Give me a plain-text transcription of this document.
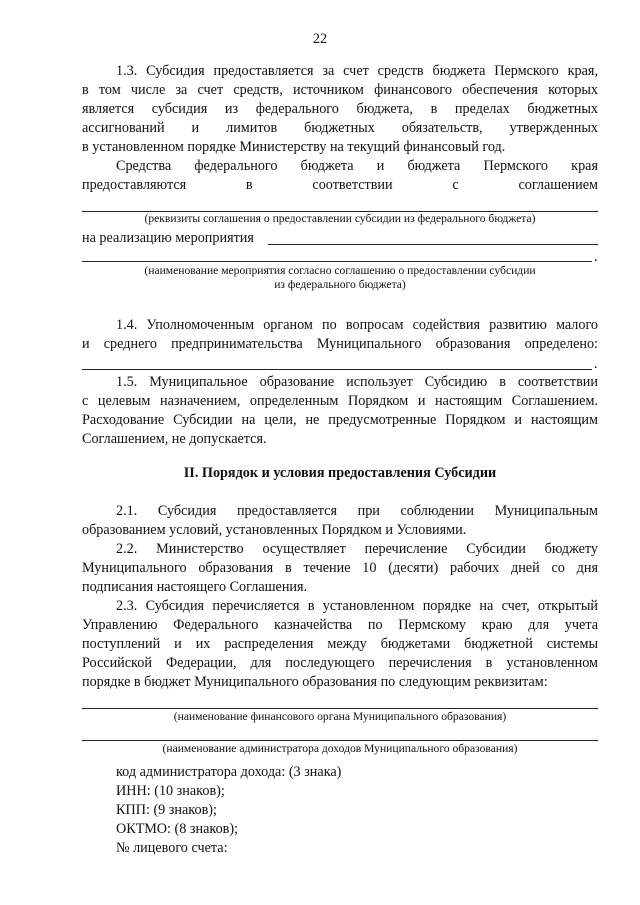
22
1.3. Субсидия предоставляется за счет средств бюджета Пермского края,
в том числе за счет средств, источником финансового обеспечения которых
является субсидия из федерального бюджета, в пределах бюджетных
ассигнований и лимитов бюджетных обязательств, утвержденных
в установленном порядке Министерству на текущий финансовый год.
Средства федерального бюджета и бюджета Пермского края
предоставляются в соответствии с соглашением
(реквизиты соглашения о предоставлении субсидии из федерального бюджета)
на реализацию мероприятия
.
(наименование мероприятия согласно соглашению о предоставлении субсидии
из федерального бюджета)
1.4. Уполномоченным органом по вопросам содействия развитию малого
и среднего предпринимательства Муниципального образования определено:
.
1.5. Муниципальное образование использует Субсидию в соответствии
с целевым назначением, определенным Порядком и настоящим Соглашением.
Расходование Субсидии на цели, не предусмотренные Порядком и настоящим
Соглашением, не допускается.
II. Порядок и условия предоставления Субсидии
2.1. Субсидия предоставляется при соблюдении Муниципальным
образованием условий, установленных Порядком и Условиями.
2.2. Министерство осуществляет перечисление Субсидии бюджету
Муниципального образования в течение 10 (десяти) рабочих дней со дня
подписания настоящего Соглашения.
2.3. Субсидия перечисляется в установленном порядке на счет, открытый
Управлению Федерального казначейства по Пермскому краю для учета
поступлений и их распределения между бюджетами бюджетной системы
Российской Федерации, для последующего перечисления в установленном
порядке в бюджет Муниципального образования по следующим реквизитам:
(наименование финансового органа Муниципального образования)
(наименование администратора доходов Муниципального образования)
код администратора дохода: (3 знака)
ИНН: (10 знаков);
КПП: (9 знаков);
ОКТМО: (8 знаков);
№ лицевого счета:
